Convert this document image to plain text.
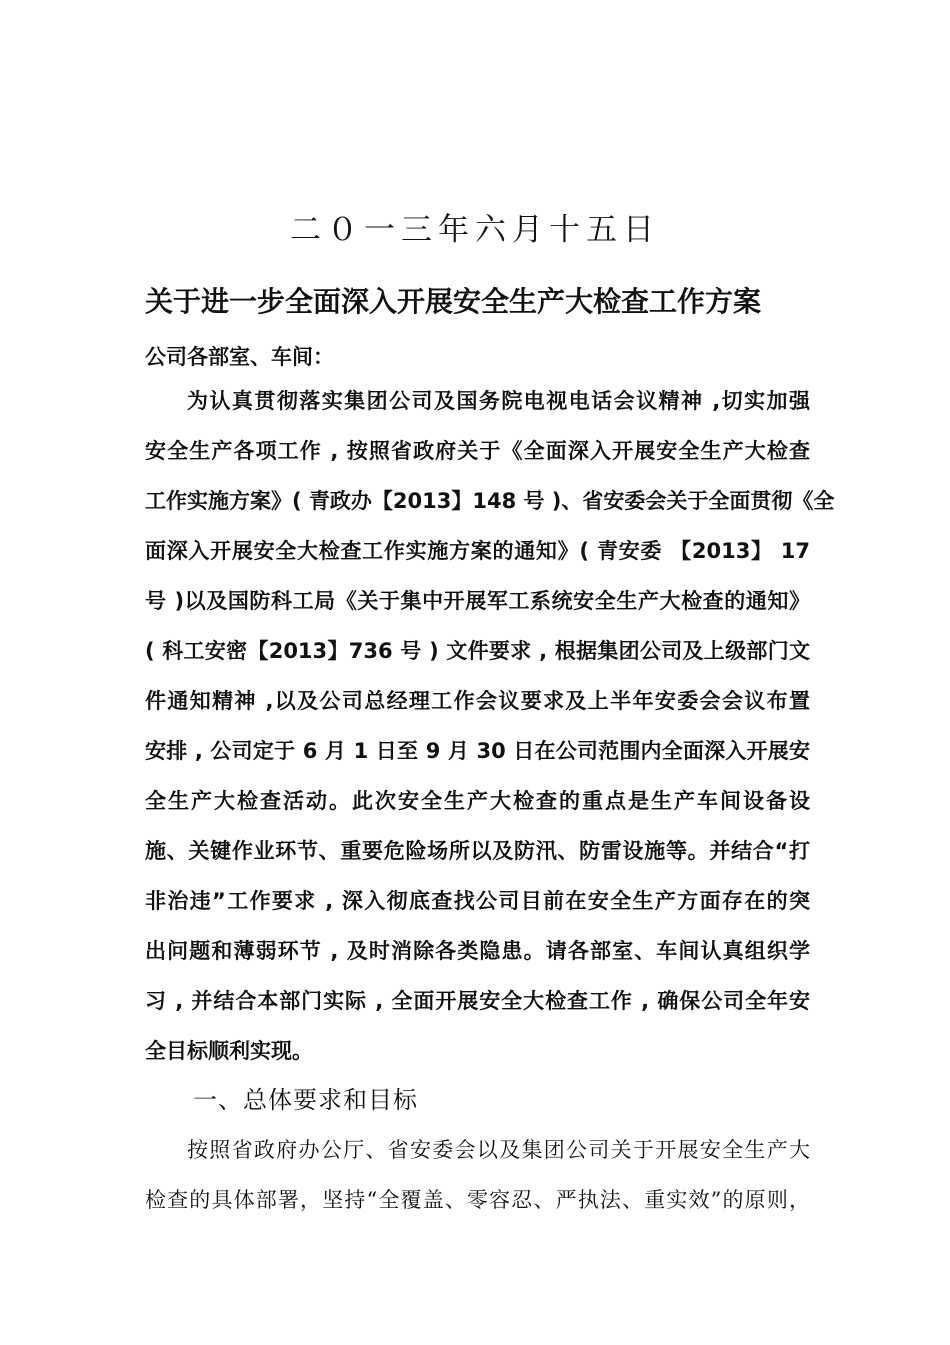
二０一三年六月十五日
关于进一步全面深入开展安全生产大检查工作方案
公司各部室、车间：
为认真贯彻落实集团公司及国务院电视电话会议精神 ,切实加强
安全生产各项工作 , 按照省政府关于《全面深入开展安全生产大检查
工作实施方案》( 青政办【2013】148 号 )、省安委会关于全面贯彻《全
面深入开展安全大检查工作实施方案的通知》( 青安委 【2013】 17
号 )以及国防科工局《关于集中开展军工系统安全生产大检查的通知》
( 科工安密【2013】736 号 ) 文件要求 , 根据集团公司及上级部门文
件通知精神 ,以及公司总经理工作会议要求及上半年安委会会议布置
安排 , 公司定于 6 月 1 日至 9 月 30 日在公司范围内全面深入开展安
全生产大检查活动。此次安全生产大检查的重点是生产车间设备设
施、关键作业环节、重要危险场所以及防汛、防雷设施等。并结合“打
非治违”工作要求 , 深入彻底查找公司目前在安全生产方面存在的突
出问题和薄弱环节 , 及时消除各类隐患。请各部室、车间认真组织学
习 , 并结合本部门实际 , 全面开展安全大检查工作 , 确保公司全年安
全目标顺利实现。
一、总体要求和目标
按照省政府办公厅、省安委会以及集团公司关于开展安全生产大
检查的具体部署，坚持“全覆盖、零容忍、严执法、重实效”的原则，
